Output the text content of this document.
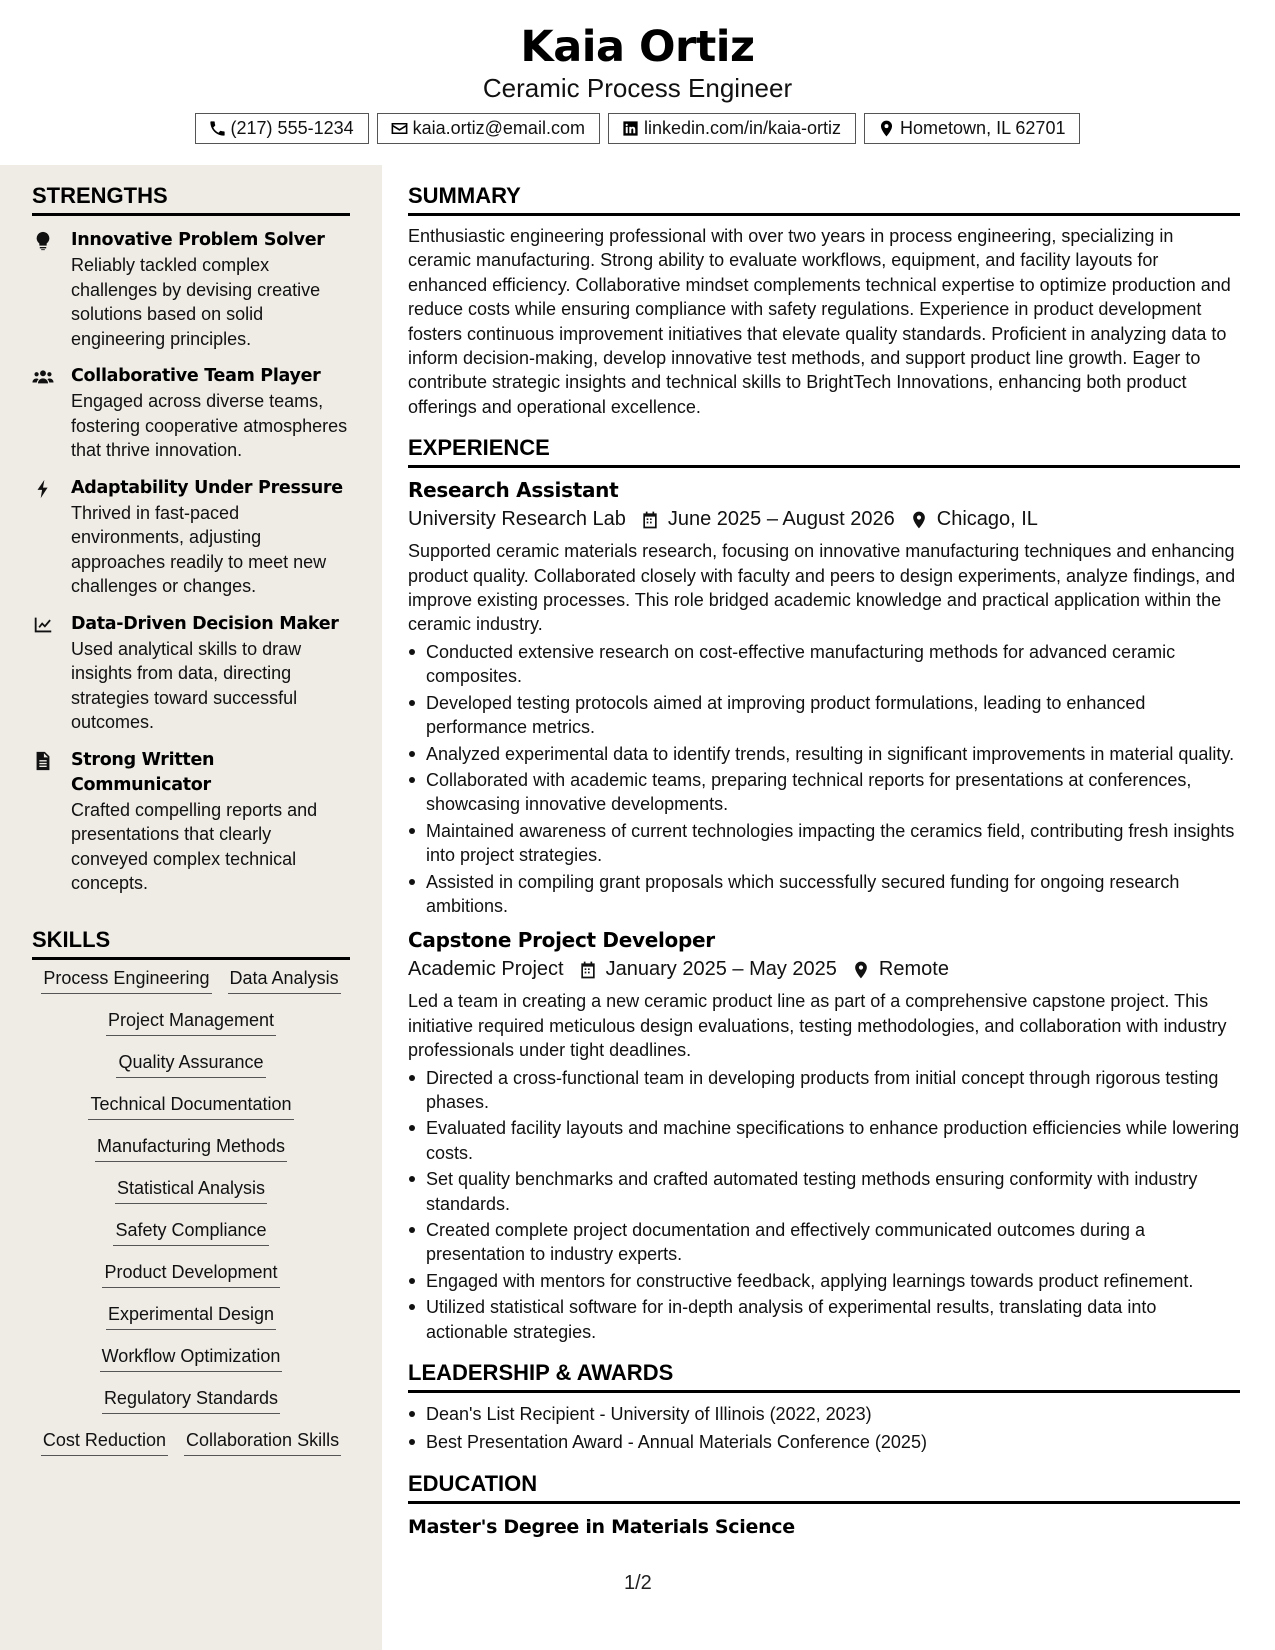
Kaia Ortiz
Ceramic Process Engineer
(217) 555-1234	kaia.ortiz@email.com	linkedin.com/in/kaia-ortiz	Hometown, IL 62701
STRENGTHS
Innovative Problem Solver
Reliably tackled complex challenges by devising creative solutions based on solid engineering principles.
Collaborative Team Player
Engaged across diverse teams, fostering cooperative atmospheres that thrive innovation.
Adaptability Under Pressure
Thrived in fast-paced environments, adjusting approaches readily to meet new challenges or changes.
Data-Driven Decision Maker
Used analytical skills to draw insights from data, directing strategies toward successful outcomes.
Strong Written Communicator
Crafted compelling reports and presentations that clearly conveyed complex technical concepts.
SKILLS
Process Engineering Data Analysis
Project Management
Quality Assurance
Technical Documentation
Manufacturing Methods
Statistical Analysis
Safety Compliance
Product Development
Experimental Design
Workflow Optimization
Regulatory Standards
Cost Reduction Collaboration Skills
SUMMARY
Enthusiastic engineering professional with over two years in process engineering, specializing in ceramic manufacturing. Strong ability to evaluate workflows, equipment, and facility layouts for enhanced efficiency. Collaborative mindset complements technical expertise to optimize production and reduce costs while ensuring compliance with safety regulations. Experience in product development fosters continuous improvement initiatives that elevate quality standards. Proficient in analyzing data to inform decision-making, develop innovative test methods, and support product line growth. Eager to contribute strategic insights and technical skills to BrightTech Innovations, enhancing both product offerings and operational excellence.
EXPERIENCE
Research Assistant
University Research Lab June 2025 – August 2026 Chicago, IL
Supported ceramic materials research, focusing on innovative manufacturing techniques and enhancing product quality. Collaborated closely with faculty and peers to design experiments, analyze findings, and improve existing processes. This role bridged academic knowledge and practical application within the ceramic industry.
Conducted extensive research on cost-effective manufacturing methods for advanced ceramic composites.
Developed testing protocols aimed at improving product formulations, leading to enhanced performance metrics.
Analyzed experimental data to identify trends, resulting in significant improvements in material quality.
Collaborated with academic teams, preparing technical reports for presentations at conferences, showcasing innovative developments.
Maintained awareness of current technologies impacting the ceramics field, contributing fresh insights into project strategies.
Assisted in compiling grant proposals which successfully secured funding for ongoing research ambitions.
Capstone Project Developer
Academic Project January 2025 – May 2025 Remote
Led a team in creating a new ceramic product line as part of a comprehensive capstone project. This initiative required meticulous design evaluations, testing methodologies, and collaboration with industry professionals under tight deadlines.
Directed a cross-functional team in developing products from initial concept through rigorous testing phases.
Evaluated facility layouts and machine specifications to enhance production efficiencies while lowering costs.
Set quality benchmarks and crafted automated testing methods ensuring conformity with industry standards.
Created complete project documentation and effectively communicated outcomes during a presentation to industry experts.
Engaged with mentors for constructive feedback, applying learnings towards product refinement.
Utilized statistical software for in-depth analysis of experimental results, translating data into actionable strategies.
LEADERSHIP & AWARDS
Dean's List Recipient - University of Illinois (2022, 2023)
Best Presentation Award - Annual Materials Conference (2025)
EDUCATION
Master's Degree in Materials Science
1/2
